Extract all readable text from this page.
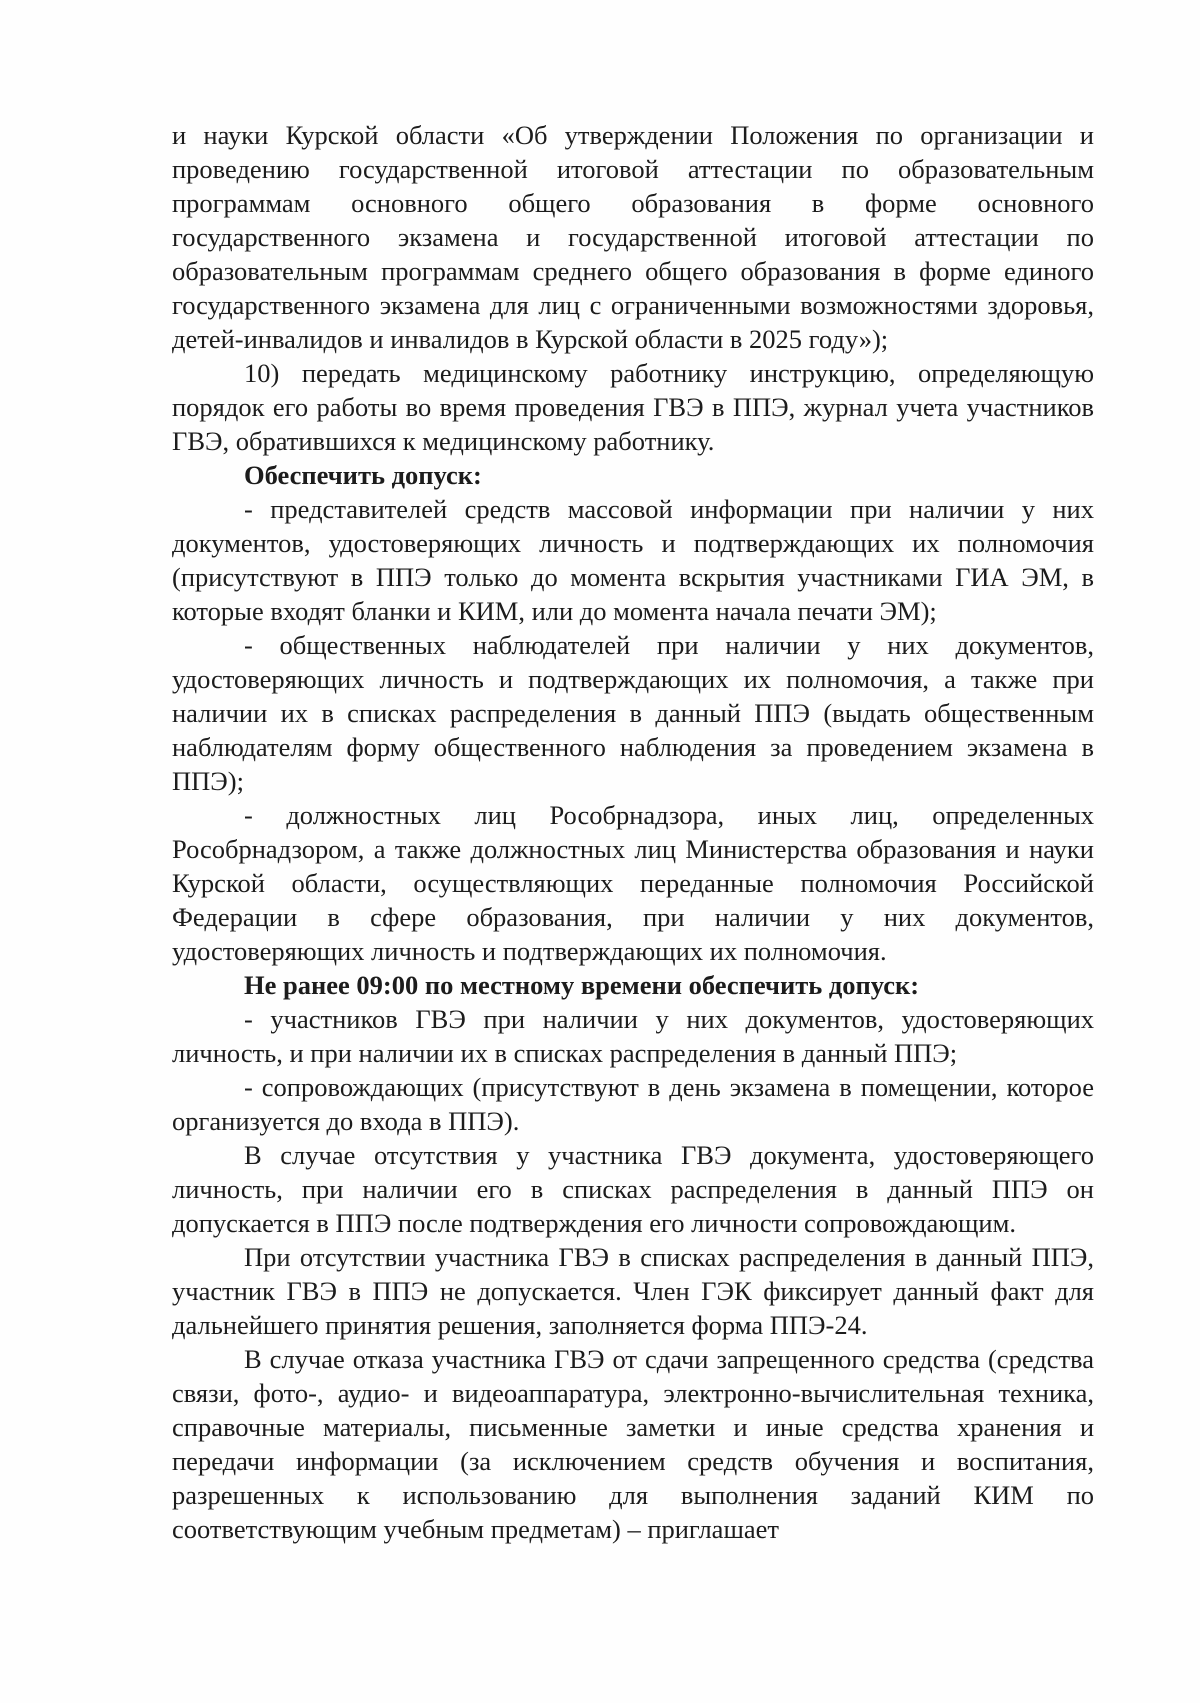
и науки Курской области «Об утверждении Положения по организации и проведению государственной итоговой аттестации по образовательным программам основного общего образования в форме основного государственного экзамена и государственной итоговой аттестации по образовательным программам среднего общего образования в форме единого государственного экзамена для лиц с ограниченными возможностями здоровья, детей-инвалидов и инвалидов в Курской области в 2025 году»);

10) передать медицинскому работнику инструкцию, определяющую порядок его работы во время проведения ГВЭ в ППЭ, журнал учета участников ГВЭ, обратившихся к медицинскому работнику.

Обеспечить допуск:

- представителей средств массовой информации при наличии у них документов, удостоверяющих личность и подтверждающих их полномочия (присутствуют в ППЭ только до момента вскрытия участниками ГИА ЭМ, в которые входят бланки и КИМ, или до момента начала печати ЭМ);

- общественных наблюдателей при наличии у них документов, удостоверяющих личность и подтверждающих их полномочия, а также при наличии их в списках распределения в данный ППЭ (выдать общественным наблюдателям форму общественного наблюдения за проведением экзамена в ППЭ);

- должностных лиц Рособрнадзора, иных лиц, определенных Рособрнадзором, а также должностных лиц Министерства образования и науки Курской области, осуществляющих переданные полномочия Российской Федерации в сфере образования, при наличии у них документов, удостоверяющих личность и подтверждающих их полномочия.

Не ранее 09:00 по местному времени обеспечить допуск:

- участников ГВЭ при наличии у них документов, удостоверяющих личность, и при наличии их в списках распределения в данный ППЭ;

- сопровождающих (присутствуют в день экзамена в помещении, которое организуется до входа в ППЭ).

В случае отсутствия у участника ГВЭ документа, удостоверяющего личность, при наличии его в списках распределения в данный ППЭ он допускается в ППЭ после подтверждения его личности сопровождающим.

При отсутствии участника ГВЭ в списках распределения в данный ППЭ, участник ГВЭ в ППЭ не допускается. Член ГЭК фиксирует данный факт для дальнейшего принятия решения, заполняется форма ППЭ-24.

В случае отказа участника ГВЭ от сдачи запрещенного средства (средства связи, фото-, аудио- и видеоаппаратура, электронно-вычислительная техника, справочные материалы, письменные заметки и иные средства хранения и передачи информации (за исключением средств обучения и воспитания, разрешенных к использованию для выполнения заданий КИМ по соответствующим учебным предметам) – приглашает
